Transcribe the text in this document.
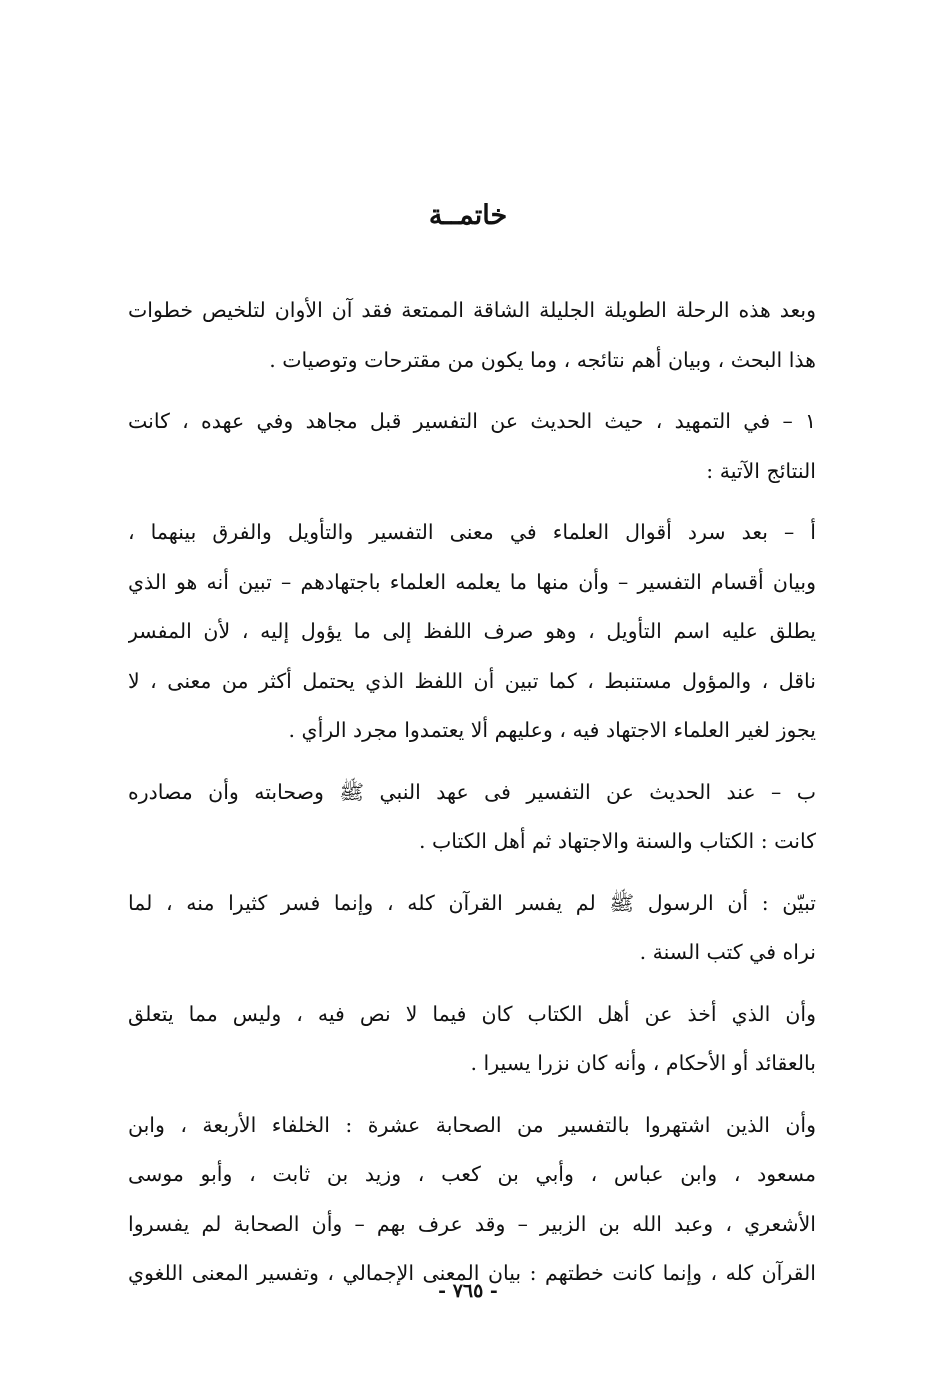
خاتمــة
وبعد هذه الرحلة الطويلة الجليلة الشاقة الممتعة فقد آن الأوان لتلخيص خطوات
هذا البحث ، وبيان أهم نتائجه ، وما يكون من مقترحات وتوصيات .
١ – في التمهيد ، حيث الحديث عن التفسير قبل مجاهد وفي عهده ، كانت
النتائج الآتية :
أ – بعد سرد أقوال العلماء في معنى التفسير والتأويل والفرق بينهما ،
وبيان أقسام التفسير – وأن منها ما يعلمه العلماء باجتهادهم – تبين أنه هو الذي
يطلق عليه اسم التأويل ، وهو صرف اللفظ إلى ما يؤول إليه ، لأن المفسر
ناقل ، والمؤول مستنبط ، كما تبين أن اللفظ الذي يحتمل أكثر من معنى ، لا
يجوز لغير العلماء الاجتهاد فيه ، وعليهم ألا يعتمدوا مجرد الرأي .
ب – عند الحديث عن التفسير فى عهد النبي ﷺ وصحابته وأن مصادره
كانت : الكتاب والسنة والاجتهاد ثم أهل الكتاب .
تبيّن : أن الرسول ﷺ لم يفسر القرآن كله ، وإنما فسر كثيرا منه ، لما
نراه في كتب السنة .
وأن الذي أخذ عن أهل الكتاب كان فيما لا نص فيه ، وليس مما يتعلق
بالعقائد أو الأحكام ، وأنه كان نزرا يسيرا .
وأن الذين اشتهروا بالتفسير من الصحابة عشرة : الخلفاء الأربعة ، وابن
مسعود ، وابن عباس ، وأبي بن كعب ، وزيد بن ثابت ، وأبو موسى
الأشعري ، وعبد الله بن الزبير – وقد عرف بهم – وأن الصحابة لم يفسروا
القرآن كله ، وإنما كانت خطتهم : بيان المعنى الإجمالي ، وتفسير المعنى اللغوي
- ٧٦٥ -
